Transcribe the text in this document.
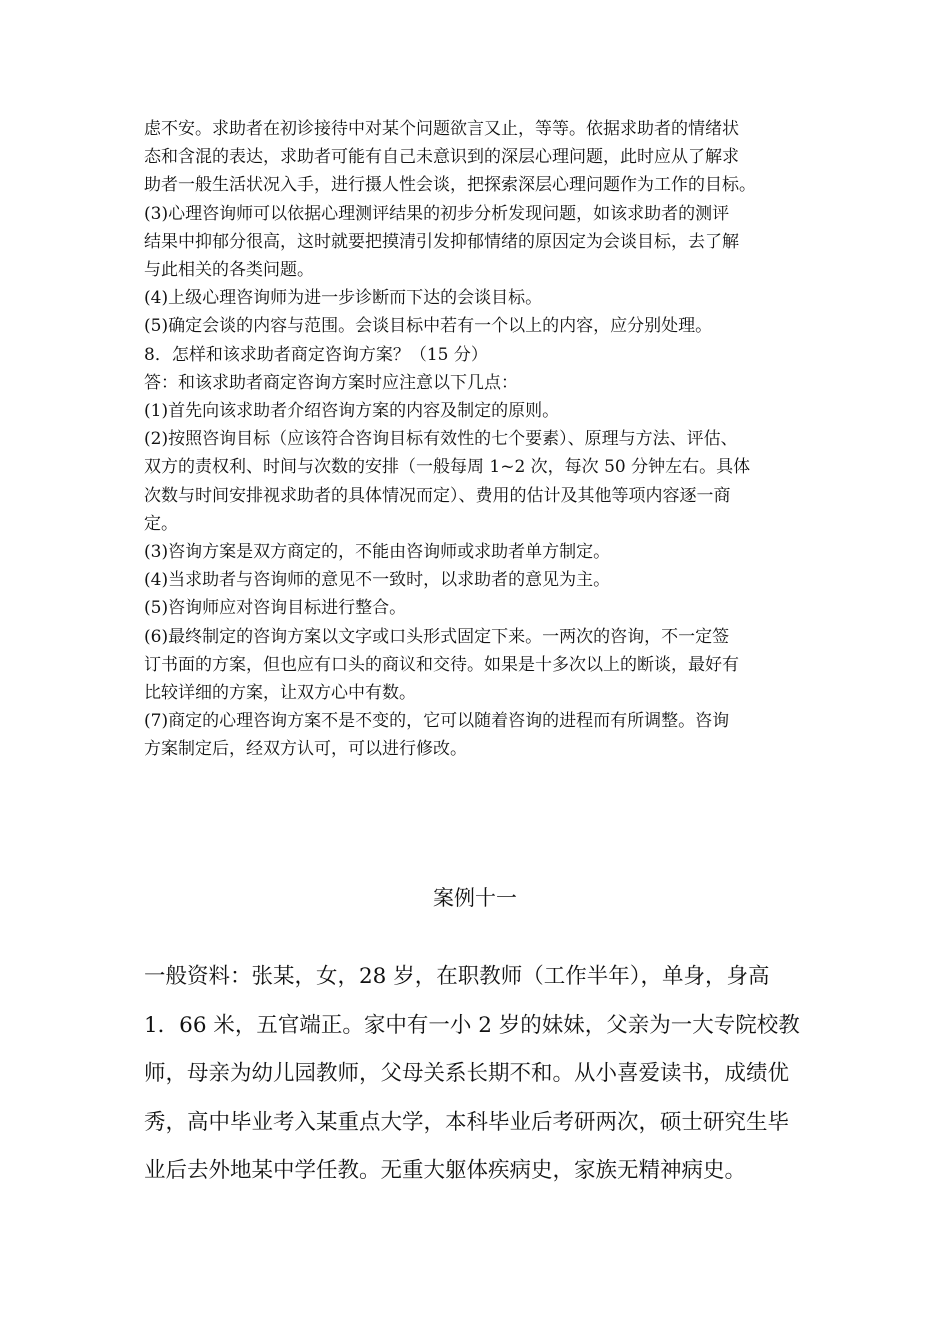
虑不安。求助者在初诊接待中对某个问题欲言又止，等等。依据求助者的情绪状

态和含混的表达，求助者可能有自己未意识到的深层心理问题，此时应从了解求

助者一般生活状况入手，进行摄人性会谈，把探索深层心理问题作为工作的目标。

(3)心理咨询师可以依据心理测评结果的初步分析发现问题，如该求助者的测评

结果中抑郁分很高，这时就要把摸清引发抑郁情绪的原因定为会谈目标，去了解

与此相关的各类问题。

(4)上级心理咨询师为进一步诊断而下达的会谈目标。

(5)确定会谈的内容与范围。会谈目标中若有一个以上的内容，应分别处理。

8．怎样和该求助者商定咨询方案？（15 分）

答：和该求助者商定咨询方案时应注意以下几点：

(1)首先向该求助者介绍咨询方案的内容及制定的原则。

(2)按照咨询目标（应该符合咨询目标有效性的七个要素）、原理与方法、评估、

双方的责权利、时间与次数的安排（一般每周 1~2 次，每次 50 分钟左右。具体

次数与时间安排视求助者的具体情况而定）、费用的估计及其他等项内容逐一商

定。

(3)咨询方案是双方商定的，不能由咨询师或求助者单方制定。

(4)当求助者与咨询师的意见不一致时，以求助者的意见为主。

(5)咨询师应对咨询目标进行整合。

(6)最终制定的咨询方案以文字或口头形式固定下来。一两次的咨询，不一定签

订书面的方案，但也应有口头的商议和交待。如果是十多次以上的断谈，最好有

比较详细的方案，让双方心中有数。

(7)商定的心理咨询方案不是不变的，它可以随着咨询的进程而有所调整。咨询

方案制定后，经双方认可，可以进行修改。

案例十一

一般资料：张某，女，28 岁，在职教师（工作半年），单身，身高

1．66 米，五官端正。家中有一小 2 岁的妹妹，父亲为一大专院校教

师，母亲为幼儿园教师，父母关系长期不和。从小喜爱读书，成绩优

秀，高中毕业考入某重点大学，本科毕业后考研两次，硕士研究生毕

业后去外地某中学任教。无重大躯体疾病史，家族无精神病史。
